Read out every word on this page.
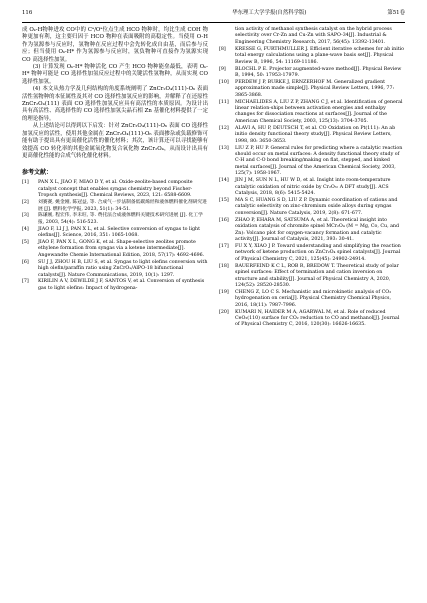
116	华东理工大学学报(自然科学版)　　　　　　　　　　　　　　　第51卷

成 Oₖ-H物种进攻 CO中的 Cᵃ/Oᵃ位点生成 HCO 物种时，均比生成 COH 物种更加有利，这主要归因于 HCO 物种在表面吸附的高稳定性。当使用 O-H 作为氢源参与反应时，氢物种在反应过程中会先转化成自由基，而后参与反应；但当使用 Oₖ-H* 作为氢源参与反应时，氢负物种可直接作为氢源实现 CO 高选择性加氢。

(3) 计算发现 Oₖ-H* 物种活化 CO 产生 HCO 物种能垒最低，表明 Oₖ-H* 物种可能是 CO 选择性加氢反应过程中的关键活性氢物种，从而实现 CO 选择性加氢。

(4) 本文从热力学及几何结构的角度系统阐明了 ZnCr₂O₄(111)-O₆ 表面活性氢物种的本征属性及其对 CO 选择性加氢反应的影响，并解释了在还原性 ZnCr₂O₄(111) 表面 CO 选择性加氢反应具有高活性的本质原因。为设计出具有高活性、高选择性的 CO 选择性加氢尖晶石相 Zn 基催化材料提供了一定的理论指导。

从上述结论可以得到以下启发：针对 ZnCr₂O₄(111)-O₆ 表面 CO 选择性加氢反应的活性，使用其他金属在 ZnCr₂O₄(111)-O₆ 表面掺杂或负载修饰可能有助于提出具有更高催化活性的催化材料；其次，该计算还可以寻找能够有效提高 CO 转化率的其他金属氧化物复合氧化物 ZnCr₂O₄，从而设计出具有更高催化性能的合成气转化催化材料。

参考文献：

[1] PAN X L, JIAO F, MIAO D Y, et al. Oxide-zeolite-based composite catalyst concept that enables syngas chemistry beyond Fischer-Tropsch synthesis[J]. Chemical Reviews, 2023, 121: 6588-6609.

[2] 刘赛赛, 姚金刚, 陈冠益, 等. 合成气一步法制备低碳烯烃和液体燃料催化剂研究进展 [J]. 燃料化学学报, 2023, 51(1): 34-51.

[3] 陈谦刚, 程宏伟, 李未旺, 等. 费托法合成液体燃料关键技术研究进展 [J]. 化工学报, 2003, 54(4): 516-523.

[4] JIAO F, LI J J, PAN X L, et al. Selective conversion of syngas to light olefins[J]. Science, 2016, 351: 1065-1068.

[5] JIAO F, PAN X L, GONG K, et al. Shape-selective zeolites promote ethylene formation from syngas via a ketene intermediate[J]. Angewandte Chemie International Edition, 2018, 57(17): 4692-4696.

[6] SU J J, ZHOU H B, LIU S, et al. Syngas to light olefins conversion with high olefin/paraffin ratio using ZnCrOₓ/AlPO-18 bifunctional catalysts[J]. Nature Communications, 2019, 10(1): 1297.

[7] KIRILIN A V, DEWILDE J F, SANTOS V, et al. Conversion of synthesis gas to light olefins: Impact of hydrogena-

tion activity of methanol synthesis catalyst on the hybrid process selectivity over Cr-Zn and Cu-Zn with SAPO-34[J]. Industrial & Engineering Chemistry Research, 2017, 56(45): 13392-13401.

[8] KRESSE G, FURTHMULLER J. Efficient iterative schemes for ab initio total energy calculations using a plane-wave basis set[J]. Physical Review B, 1996, 54: 11169-11186.

[9] BLOCHL P E. Projector augmented-wave method[J]. Physical Review B, 1994, 50: 17953-17979.

[10] PERDEW J P, BURKE J, ERNZERHOF M. Generalized gradient approximation made simple[J]. Physical Review Letters, 1996, 77: 3865-3868.

[11] MICHAELIDES A, LIU Z P, ZHANG C J, et al. Identification of general linear relation-ships between activation energies and enthalpy changes for dissociation reactions at surfaces[J]. Journal of the American Chemical Society, 2003, 125(13): 3704-3705.

[12] ALAVI A, HU P, DEUTSCH T, et al. CO Oxidation on Pt(111): An ab initio density functional theory study[J]. Physical Review Letters, 1998, 80: 3650-3653.

[13] LIU Z P, HU P. General rules for predicting where a catalytic reaction should occur on metal surfaces: A density functional theory study of C-H and C-O bond breaking/making on flat, stepped, and kinked metal surfaces[J]. Journal of the American Chemical Society, 2003, 125(7): 1958-1967.

[14] JIN J M, SUN N L, HU W D, et al. Insight into room-temperature catalytic oxidation of nitric oxide by Cr₂O₃: A DFT study[J]. ACS Catalysis, 2018, 8(6): 5415-5424.

[15] MA S C, HUANG S D, LIU Z P. Dynamic coordination of cations and catalytic selectivity on zinc-chromium oxide alloys during syngas conversion[J]. Nature Catalysis, 2019, 2(8): 671-677.

[16] ZHAO P, EHARA M, SATSUMA A, et al. Theoretical insight into oxidation catalysis of chromite spinel MCr₂O₄ (M = Mg, Co, Cu, and Zn): Volcano plot for oxygen-vacancy formation and catalytic activity[J]. Journal of Catalysis, 2021, 393: 30-41.

[17] FU X Y, XIAO J P. Toward understanding and simplifying the reaction network of ketene production on ZnCr₂O₄ spinel catalysts[J]. Journal of Physical Chemistry C, 2021, 125(45): 24902-24914.

[18] BAUERFEIND K C L, ROB R, BREDOW T. Theoretical study of polar spinel surfaces: Effect of termination and cation inversion on structure and stability[J]. Journal of Physical Chemistry A, 2020, 124(52): 28520-28530.

[19] CHENG Z, LO C S. Mechanistic and microkinetic analysis of CO₂ hydrogenation on ceria[J]. Physical Chemistry Chemical Physics, 2016, 18(11): 7987-7996.

[20] KUMARI N, HAIDER M A, AGARWAL M, et al. Role of reduced CeO₂(110) surface for CO₂ reduction to CO and methanol[J]. Journal of Physical Chemistry C, 2016, 120(30): 16626-16635.
